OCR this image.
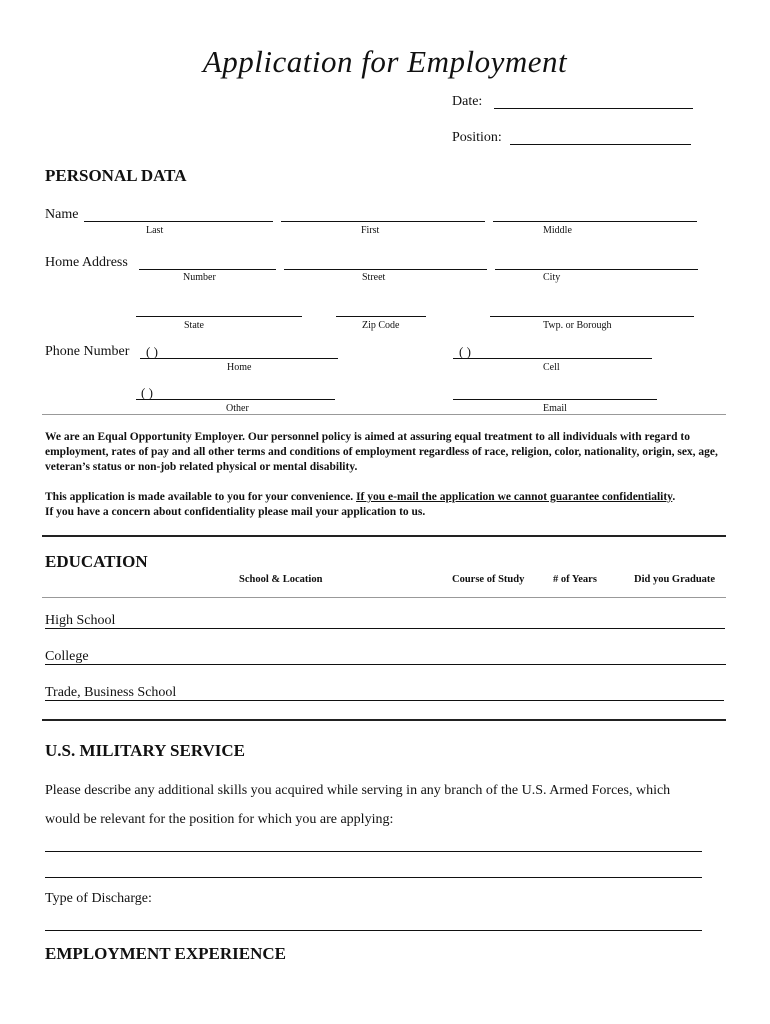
Application for Employment
Date:
Position:
PERSONAL DATA
Name
Last	First	Middle
Home Address
Number	Street	City
State	Zip Code	Twp. or Borough
Phone Number ( )	( )
Home	Cell
( )
Other	Email
We are an Equal Opportunity Employer. Our personnel policy is aimed at assuring equal treatment to all individuals with regard to employment, rates of pay and all other terms and conditions of employment regardless of race, religion, color, nationality, origin, sex, age, veteran’s status or non-job related physical or mental disability.
This application is made available to you for your convenience. If you e-mail the application we cannot guarantee confidentiality. If you have a concern about confidentiality please mail your application to us.
EDUCATION
School & Location	Course of Study	# of Years	Did you Graduate
High School
College
Trade, Business School
U.S. MILITARY SERVICE
Please describe any additional skills you acquired while serving in any branch of the U.S. Armed Forces, which
would be relevant for the position for which you are applying:
Type of Discharge:
EMPLOYMENT EXPERIENCE
